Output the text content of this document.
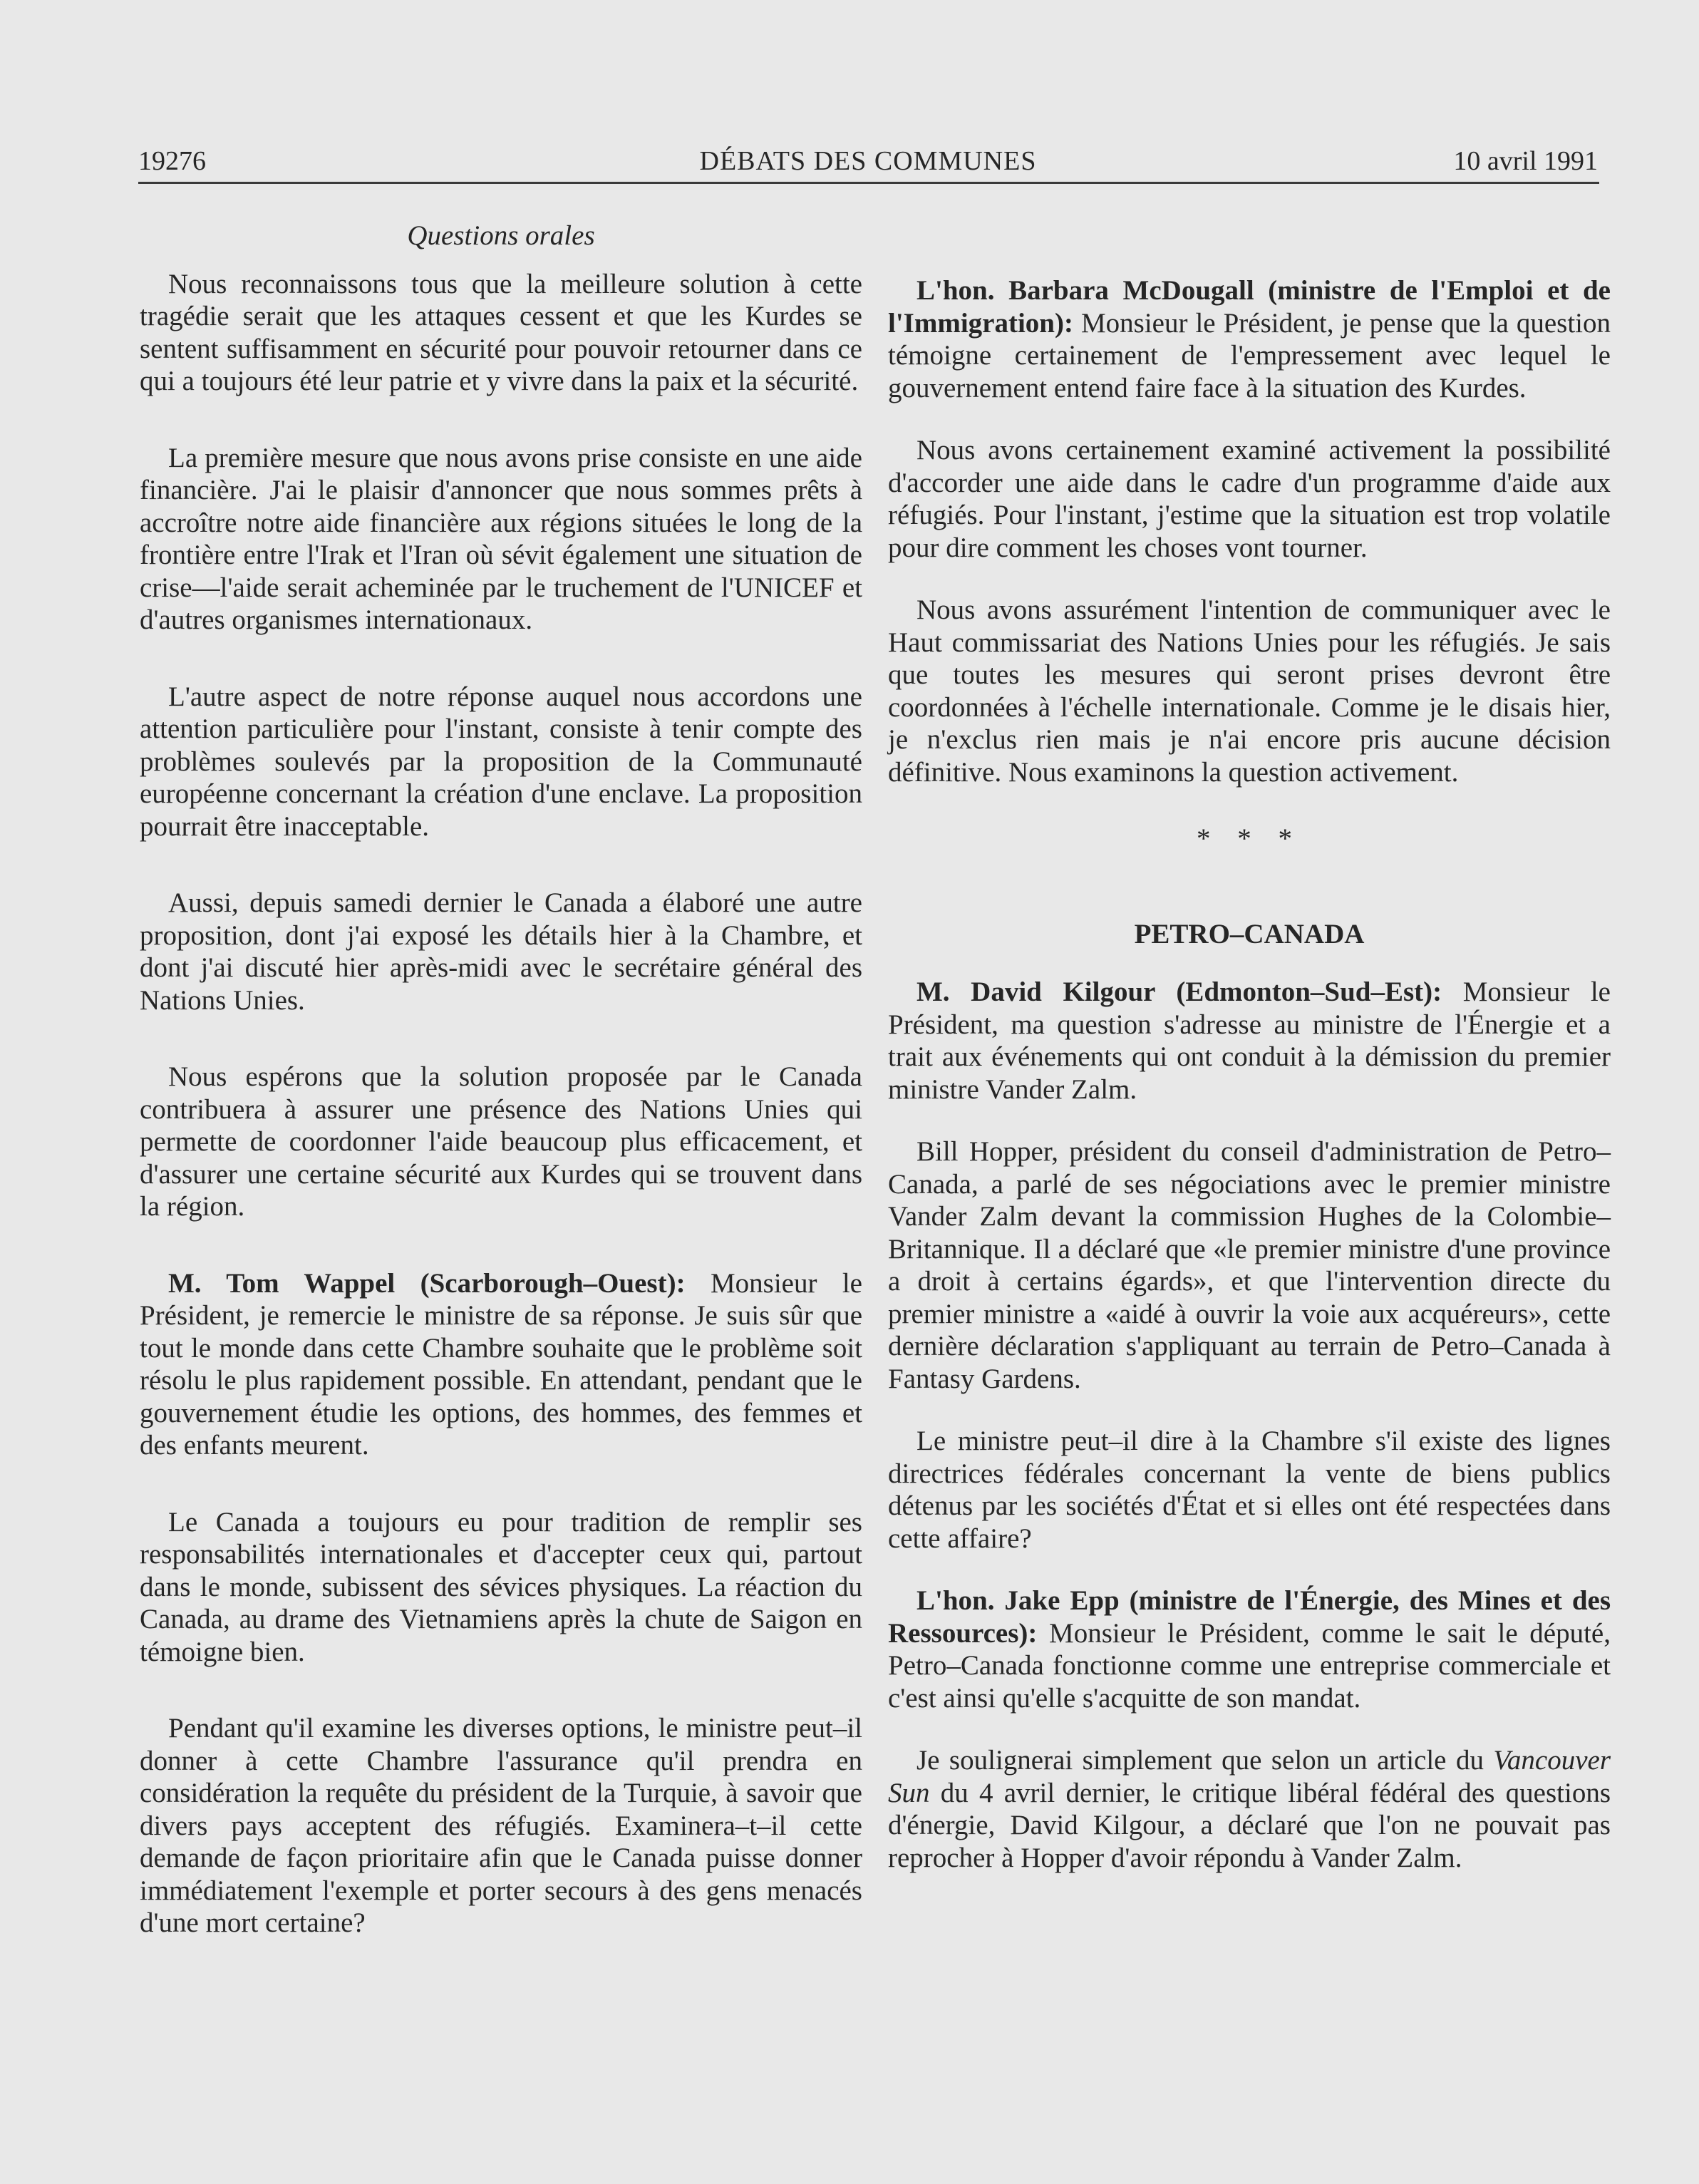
19276	DÉBATS DES COMMUNES	10 avril 1991
Questions orales

Nous reconnaissons tous que la meilleure solution à cette tragédie serait que les attaques cessent et que les Kurdes se sentent suffisamment en sécurité pour pouvoir retourner dans ce qui a toujours été leur patrie et y vivre dans la paix et la sécurité.

La première mesure que nous avons prise consiste en une aide financière. J'ai le plaisir d'annoncer que nous sommes prêts à accroître notre aide financière aux régions situées le long de la frontière entre l'Irak et l'Iran où sévit également une situation de crise—l'aide serait acheminée par le truchement de l'UNICEF et d'autres organismes internationaux.

L'autre aspect de notre réponse auquel nous accordons une attention particulière pour l'instant, consiste à tenir compte des problèmes soulevés par la proposition de la Communauté européenne concernant la création d'une enclave. La proposition pourrait être inacceptable.

Aussi, depuis samedi dernier le Canada a élaboré une autre proposition, dont j'ai exposé les détails hier à la Chambre, et dont j'ai discuté hier après-midi avec le secrétaire général des Nations Unies.

Nous espérons que la solution proposée par le Canada contribuera à assurer une présence des Nations Unies qui permette de coordonner l'aide beaucoup plus efficacement, et d'assurer une certaine sécurité aux Kurdes qui se trouvent dans la région.

M. Tom Wappel (Scarborough–Ouest): Monsieur le Président, je remercie le ministre de sa réponse. Je suis sûr que tout le monde dans cette Chambre souhaite que le problème soit résolu le plus rapidement possible. En attendant, pendant que le gouvernement étudie les options, des hommes, des femmes et des enfants meurent.

Le Canada a toujours eu pour tradition de remplir ses responsabilités internationales et d'accepter ceux qui, partout dans le monde, subissent des sévices physiques. La réaction du Canada, au drame des Vietnamiens après la chute de Saigon en témoigne bien.

Pendant qu'il examine les diverses options, le ministre peut–il donner à cette Chambre l'assurance qu'il prendra en considération la requête du président de la Turquie, à savoir que divers pays acceptent des réfugiés. Examinera–t–il cette demande de façon prioritaire afin que le Canada puisse donner immédiatement l'exemple et porter secours à des gens menacés d'une mort certaine?

L'hon. Barbara McDougall (ministre de l'Emploi et de l'Immigration): Monsieur le Président, je pense que la question témoigne certainement de l'empressement avec lequel le gouvernement entend faire face à la situation des Kurdes.

Nous avons certainement examiné activement la possibilité d'accorder une aide dans le cadre d'un programme d'aide aux réfugiés. Pour l'instant, j'estime que la situation est trop volatile pour dire comment les choses vont tourner.

Nous avons assurément l'intention de communiquer avec le Haut commissariat des Nations Unies pour les réfugiés. Je sais que toutes les mesures qui seront prises devront être coordonnées à l'échelle internationale. Comme je le disais hier, je n'exclus rien mais je n'ai encore pris aucune décision définitive. Nous examinons la question activement.

* * *
PETRO–CANADA

M. David Kilgour (Edmonton–Sud–Est): Monsieur le Président, ma question s'adresse au ministre de l'Énergie et a trait aux événements qui ont conduit à la démission du premier ministre Vander Zalm.

Bill Hopper, président du conseil d'administration de Petro–Canada, a parlé de ses négociations avec le premier ministre Vander Zalm devant la commission Hughes de la Colombie–Britannique. Il a déclaré que «le premier ministre d'une province a droit à certains égards», et que l'intervention directe du premier ministre a «aidé à ouvrir la voie aux acquéreurs», cette dernière déclaration s'appliquant au terrain de Petro–Canada à Fantasy Gardens.

Le ministre peut–il dire à la Chambre s'il existe des lignes directrices fédérales concernant la vente de biens publics détenus par les sociétés d'État et si elles ont été respectées dans cette affaire?

L'hon. Jake Epp (ministre de l'Énergie, des Mines et des Ressources): Monsieur le Président, comme le sait le député, Petro–Canada fonctionne comme une entreprise commerciale et c'est ainsi qu'elle s'acquitte de son mandat.

Je soulignerai simplement que selon un article du Vancouver Sun du 4 avril dernier, le critique libéral fédéral des questions d'énergie, David Kilgour, a déclaré que l'on ne pouvait pas reprocher à Hopper d'avoir répondu à Vander Zalm.
